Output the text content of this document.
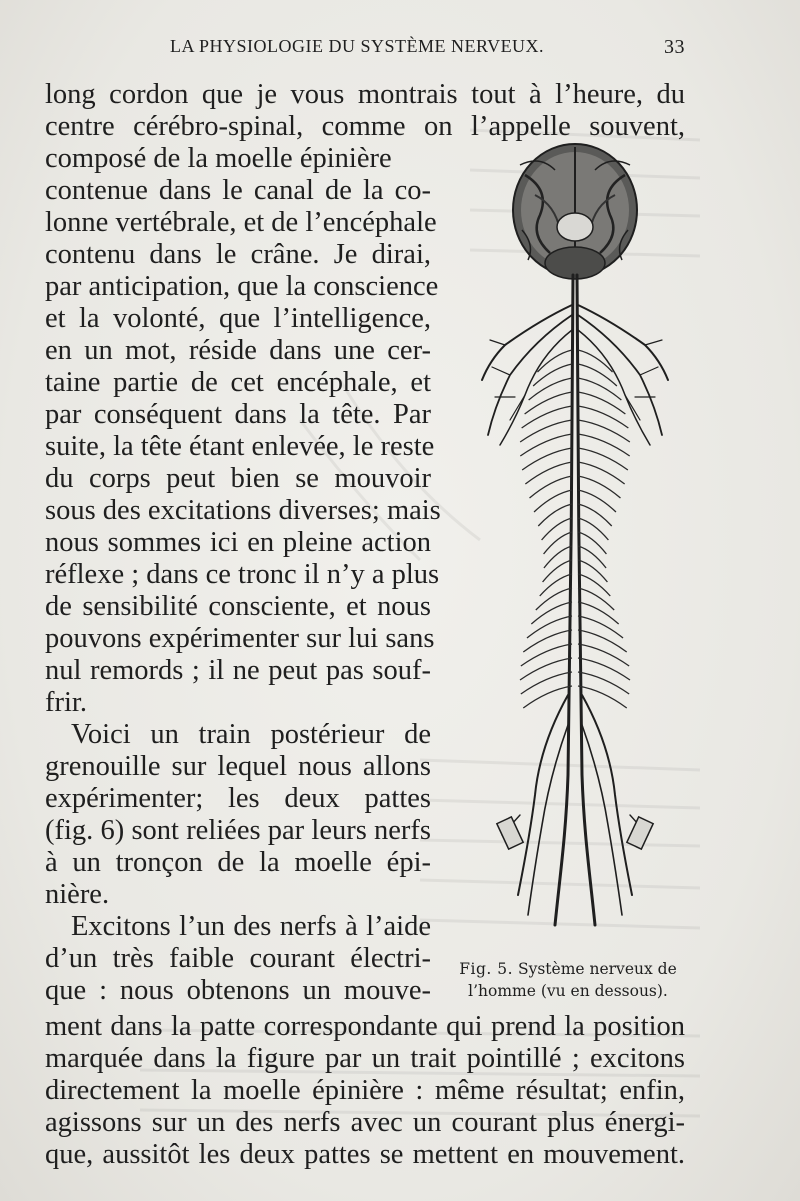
LA PHYSIOLOGIE DU SYSTÈME NERVEUX.	33
long cordon que je vous montrais tout à l’heure, du
centre cérébro-spinal, comme on l’appelle souvent,
composé de la moelle épinière
contenue dans le canal de la co-
lonne vertébrale, et de l’encéphale
contenu dans le crâne. Je dirai,
par anticipation, que la conscience
et la volonté, que l’intelligence,
en un mot, réside dans une cer-
taine partie de cet encéphale, et
par conséquent dans la tête. Par
suite, la tête étant enlevée, le reste
du corps peut bien se mouvoir
sous des excitations diverses; mais
nous sommes ici en pleine action
réflexe ; dans ce tronc il n’y a plus
de sensibilité consciente, et nous
pouvons expérimenter sur lui sans
nul remords ; il ne peut pas souf-
frir.
Voici un train postérieur de
grenouille sur lequel nous allons
expérimenter; les deux pattes
(fig. 6) sont reliées par leurs nerfs
à un tronçon de la moelle épi-
nière.
Excitons l’un des nerfs à l’aide
d’un très faible courant électri-
que : nous obtenons un mouve-
ment dans la patte correspondante qui prend la position
marquée dans la figure par un trait pointillé ; excitons
directement la moelle épinière : même résultat; enfin,
agissons sur un des nerfs avec un courant plus énergi-
que, aussitôt les deux pattes se mettent en mouvement.
Fig. 5. Système nerveux de l’homme (vu en dessous).
